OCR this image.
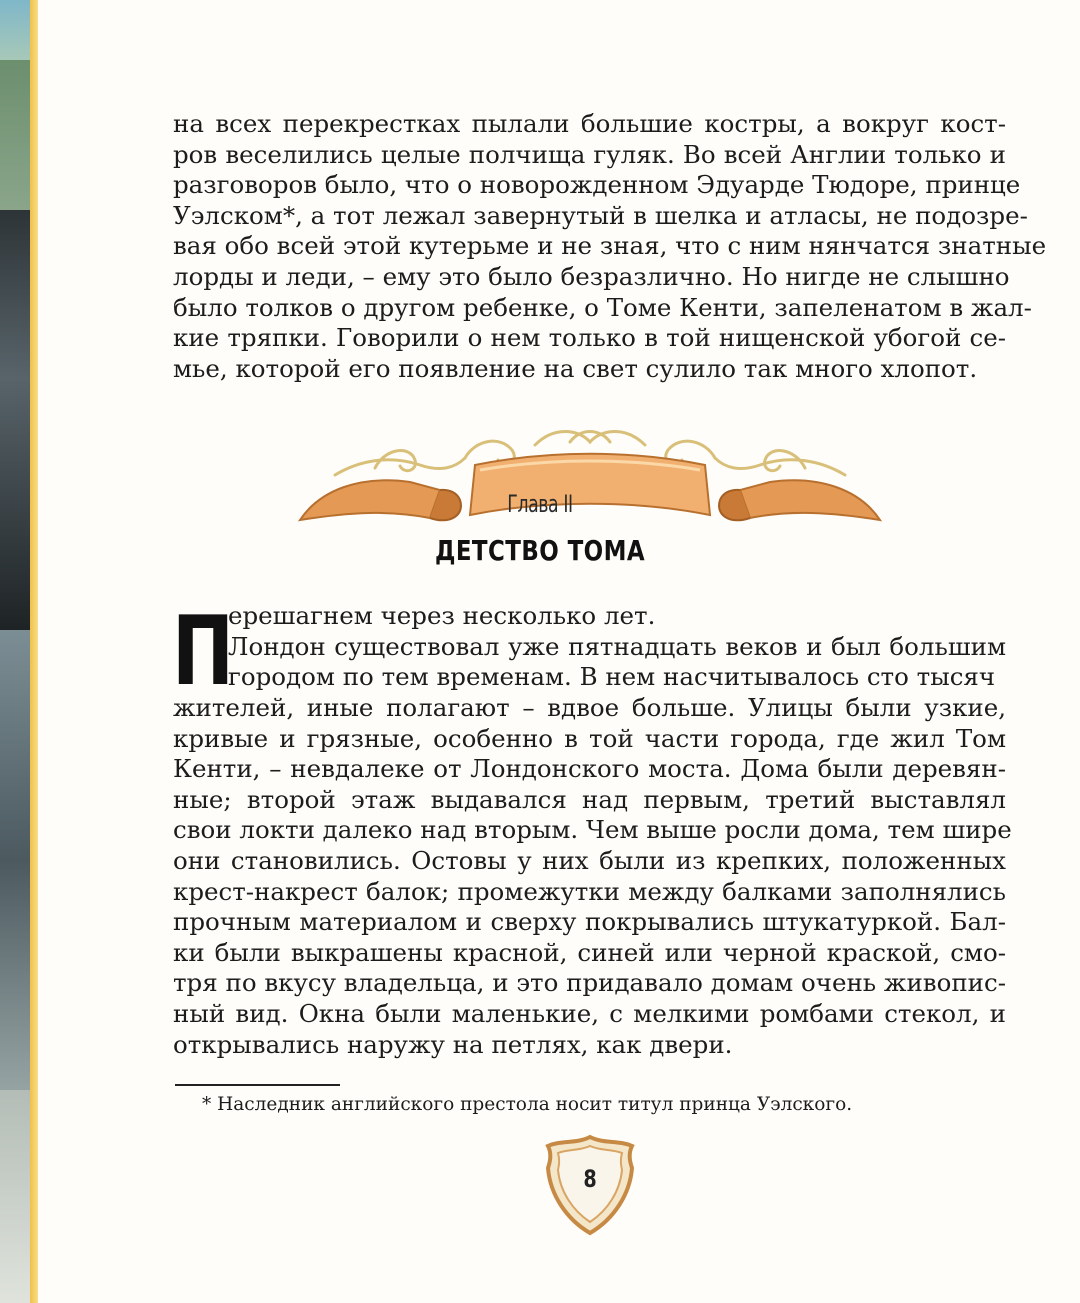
на всех перекрестках пылали большие костры, а вокруг кост-
ров веселились целые полчища гуляк. Во всей Англии только и
разговоров было, что о новорожденном Эдуарде Тюдоре, принце
Уэлском*, а тот лежал завернутый в шелка и атласы, не подозре-
вая обо всей этой кутерьме и не зная, что с ним нянчатся знатные
лорды и леди, – ему это было безразлично. Но нигде не слышно
было толков о другом ребенке, о Томе Кенти, запеленатом в жал-
кие тряпки. Говорили о нем только в той нищенской убогой се-
мье, которой его появление на свет сулило так много хлопот.
Глава II
ДЕТСТВО ТОМА
П
ерешагнем через несколько лет.
Лондон существовал уже пятнадцать веков и был большим
городом по тем временам. В нем насчитывалось сто тысяч
жителей, иные полагают – вдвое больше. Улицы были узкие,
кривые и грязные, особенно в той части города, где жил Том
Кенти, – невдалеке от Лондонского моста. Дома были деревян-
ные; второй этаж выдавался над первым, третий выставлял
свои локти далеко над вторым. Чем выше росли дома, тем шире
они становились. Остовы у них были из крепких, положенных
крест-накрест балок; промежутки между балками заполнялись
прочным материалом и сверху покрывались штукатуркой. Бал-
ки были выкрашены красной, синей или черной краской, смо-
тря по вкусу владельца, и это придавало домам очень живопис-
ный вид. Окна были маленькие, с мелкими ромбами стекол, и
открывались наружу на петлях, как двери.
* Наследник английского престола носит титул принца Уэлского.
8
